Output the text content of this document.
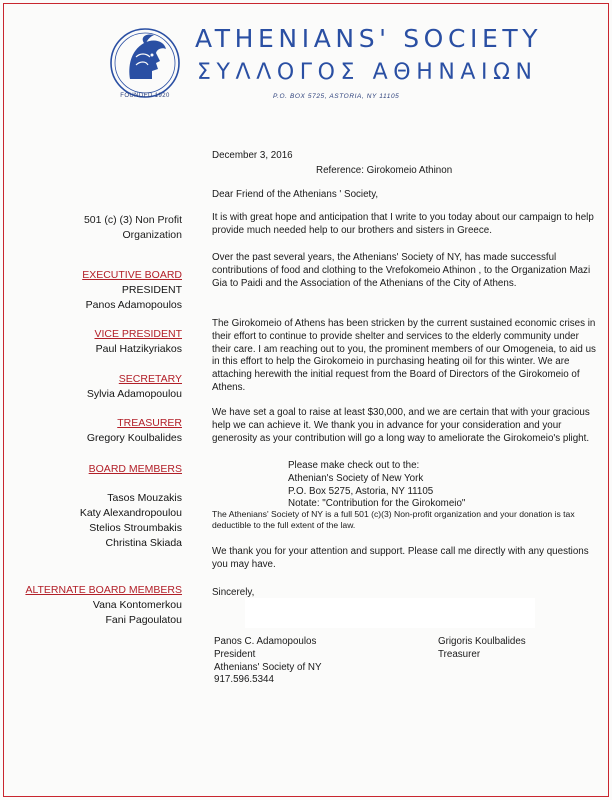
FOUNDED 1920
ATHENIANS' SOCIETY
ΣΥΛΛΟΓΟΣ ΑΘΗΝΑΙΩΝ
P.O. BOX 5725, ASTORIA, NY 11105
501 (c) (3) Non Profit
Organization
EXECUTIVE BOARD
PRESIDENT
Panos Adamopoulos
VICE PRESIDENT
Paul Hatzikyriakos
SECRETARY
Sylvia Adamopoulou
TREASURER
Gregory Koulbalides
BOARD MEMBERS
Tasos Mouzakis
Katy Alexandropoulou
Stelios Stroumbakis
Christina Skiada
ALTERNATE BOARD MEMBERS
Vana Kontomerkou
Fani Pagoulatou
December 3, 2016
Reference: Girokomeio Athinon
Dear Friend of the Athenians ' Society,
It is with great hope and anticipation that I write to you today about our campaign to help provide much needed help to our brothers and sisters in Greece.
Over the past several years, the Athenians' Society of NY, has made successful contributions of food and clothing to the Vrefokomeio Athinon , to the Organization Mazi Gia to Paidi and the Association of the Athenians of the City of Athens.
The Girokomeio of Athens has been stricken by the current sustained economic crises in their effort to continue to provide shelter and services to the elderly community under their care. I am reaching out to you, the prominent members of our Omogeneia, to aid us in this effort to help the Girokomeio in purchasing heating oil for this winter. We are attaching herewith the initial request from the Board of Directors of the Girokomeio of Athens.
We have set a goal to raise at least $30,000, and we are certain that with your gracious help we can achieve it. We thank you in advance for your consideration and your generosity as your contribution will go a long way to ameliorate the Girokomeio's plight.
Please make check out to the:
Athenian's Society of New York
P.O. Box 5275, Astoria, NY 11105
Notate: "Contribution for the Girokomeio"
The Athenians' Society of NY is a full 501 (c)(3) Non-profit organization and your donation is tax deductible to the full extent of the law.
We thank you for your attention and support. Please call me directly with any questions you may have.
Sincerely,
Panos C. Adamopoulos
President
Athenians' Society of NY
917.596.5344
Grigoris Koulbalides
Treasurer
